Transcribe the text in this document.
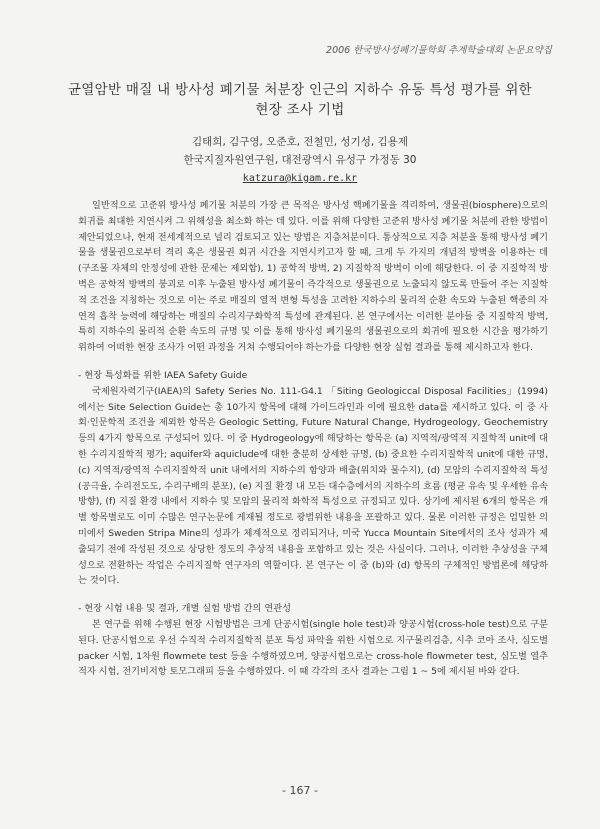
2006 한국방사성폐기물학회 추계학술대회 논문요약집
균열암반 매질 내 방사성 폐기물 처분장 인근의 지하수 유동 특성 평가를 위한
현장 조사 기법
김태희, 김구영, 오준호, 전철민, 성기성, 김용제
한국지질자원연구원, 대전광역시 유성구 가정동 30
katzura@kigam.re.kr

일반적으로 고준위 방사성 폐기물 처분의 가장 큰 목적은 방사성 핵폐기물을 격리하여, 생물권(biosphere)으로의 회귀를 최대한 지연시켜 그 위해성을 최소화 하는 데 있다. 이를 위해 다양한 고준위 방사성 폐기물 처분에 관한 방법이 제안되었으나, 현재 전세계적으로 널리 검토되고 있는 방법은 지층처분이다. 통상적으로 지층 처분을 통해 방사성 폐기물을 생물권으로부터 격리 혹은 생물권 회귀 시간을 지연시키고자 할 때, 크게 두 가지의 개념적 방벽을 이용하는 데(구조물 자체의 안정성에 관한 문제는 제외함), 1) 공학적 방벽, 2) 지질학적 방벽이 이에 해당한다. 이 중 지질학적 방벽은 공학적 방벽의 붕괴로 이후 누출된 방사성 폐기물이 즉각적으로 생물권으로 노출되지 않도록 만들어 주는 지질학적 조건을 지칭하는 것으로 이는 주로 매질의 열적 변형 특성을 고려한 지하수의 물리적 순환 속도와 누출된 핵종의 자연적 흡착 능력에 해당하는 매질의 수리지구화학적 특성에 관계된다. 본 연구에서는 이러한 분야들 중 지질학적 방벽, 특히 지하수의 물리적 순환 속도의 규명 및 이를 통해 방사성 폐기물의 생물권으로의 회귀에 필요한 시간을 평가하기 위하여 어떠한 현장 조사가 어떤 과정을 거쳐 수행되어야 하는가를 다양한 현장 실험 결과를 통해 제시하고자 한다.

- 현장 특성화를 위한 IAEA Safety Guide

국제원자력기구(IAEA)의 Safety Series No. 111-G4.1 「Siting Geologiccal Disposal Facilities」(1994) 에서는 Site Selection Guide는 총 10가지 항목에 대해 가이드라인과 이에 필요한 data를 제시하고 있다. 이 중 사회·인문학적 조건을 제외한 항목은 Geologic Setting, Future Natural Change, Hydrogeology, Geochemistry 등의 4가지 항목으로 구성되어 있다. 이 중 Hydrogeology에 해당하는 항목은 (a) 지역적/광역적 지질학적 unit에 대한 수리지질학적 평가; aquifer와 aquiclude에 대한 충분히 상세한 규명, (b) 중요한 수리지질학적 unit에 대한 규명, (c) 지역적/광역적 수리지질학적 unit 내에서의 지하수의 함양과 배출(위치와 물수지), (d) 모암의 수리지질학적 특성(공극율, 수리전도도, 수리구배의 분포), (e) 지질 환경 내 모든 대수층에서의 지하수의 흐름 (평균 유속 및 우세한 유속 방향), (f) 지질 환경 내에서 지하수 및 모암의 물리적 화학적 특성으로 규정되고 있다. 상기에 제시된 6개의 항목은 개별 항목별로도 이미 수많은 연구논문에 게재될 정도로 광범위한 내용을 포괄하고 있다. 물론 이러한 규정은 엄밀한 의미에서 Sweden Stripa Mine의 성과가 체계적으로 정리되거나, 미국 Yucca Mountain Site에서의 조사 성과가 제출되기 전에 작성된 것으로 상당한 정도의 추상적 내용을 포함하고 있는 것은 사실이다. 그러나, 이러한 추상성을 구체성으로 전환하는 작업은 수리지질학 연구자의 역할이다. 본 연구는 이 중 (b)와 (d) 항목의 구체적인 방법론에 해당하는 것이다.

- 현장 시험 내용 및 결과, 개별 실험 방법 간의 연관성

본 연구를 위해 수행된 현장 시험방법은 크게 단공시험(single hole test)과 양공시험(cross-hole test)으로 구분된다. 단공시험으로 우선 수직적 수리지질학적 분포 특성 파악을 위한 시험으로 지구물리검층, 시추 코아 조사, 심도별 packer 시험, 1차원 flowmete test 등을 수행하였으며, 양공시험으로는 cross-hole flowmeter test, 심도별 열추적자 시험, 전기비저항 토모그래피 등을 수행하였다. 이 때 각각의 조사 결과는 그림 1 ~ 5에 제시된 바와 같다.

- 167 -
